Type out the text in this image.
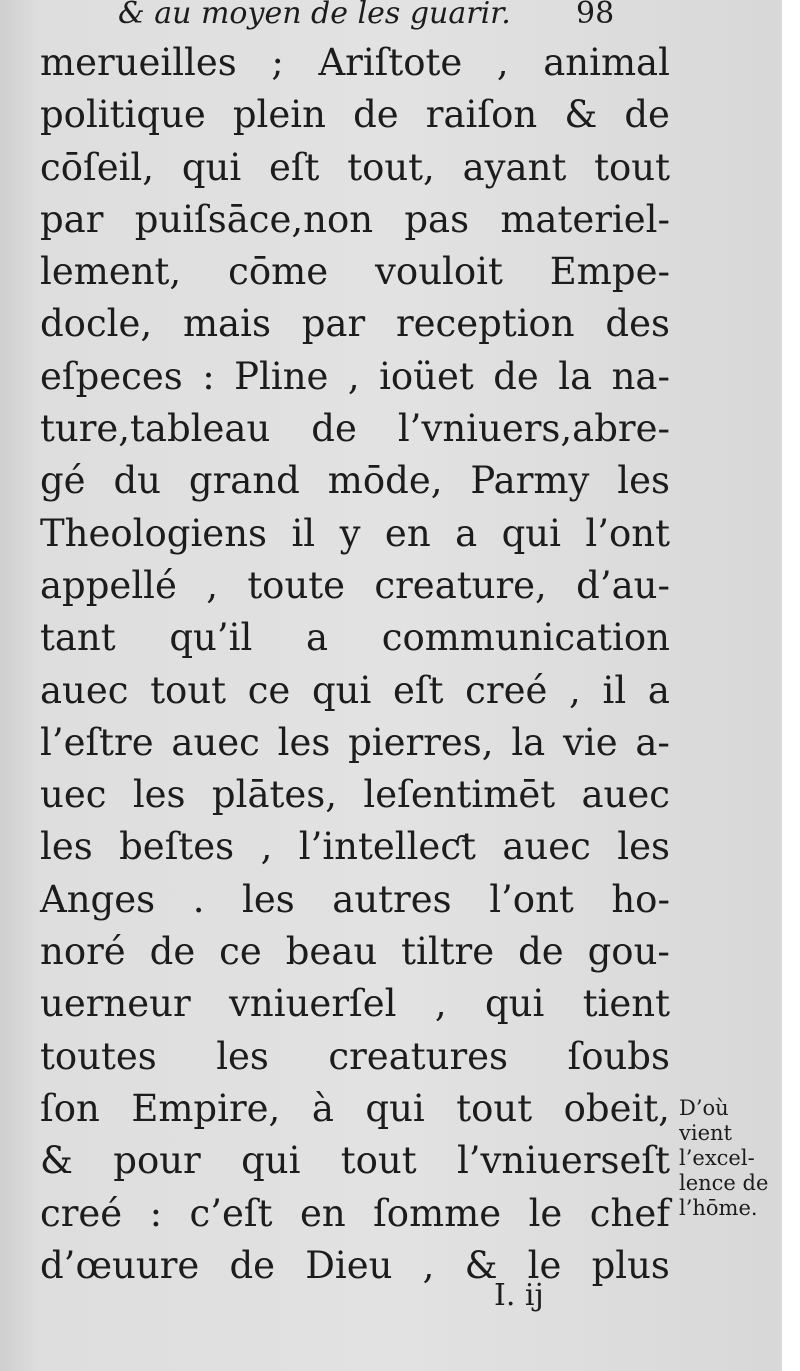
& au moyen de les guarir. 98
merueilles ; Ariſtote , animal
politique plein de raiſon & de
cōſeil, qui eſt tout, ayant tout
par puiſsāce,non pas materiel-
lement, cōme vouloit Empe-
docle, mais par reception des
eſpeces : Pline , ioüet de la na-
ture,tableau de l’vniuers,abre-
gé du grand mōde, Parmy les
Theologiens il y en a qui l’ont
appellé , toute creature, d’au-
tant qu’il a communication
auec tout ce qui eſt creé , il a
l’eſtre auec les pierres, la vie a-
uec les plātes, leſentimēt auec
les beſtes , l’intelleƈt auec les
Anges . les autres l’ont ho-
noré de ce beau tiltre de gou-
uerneur vniuerſel , qui tient
toutes les creatures ſoubs
ſon Empire, à qui tout obeit,
& pour qui tout l’vniuerseſt
creé : c’eſt en ſomme le chef
d’œuure de Dieu , & le plus
D’où
vient
l’excel-
lence de
l’hōme.
I. ij
